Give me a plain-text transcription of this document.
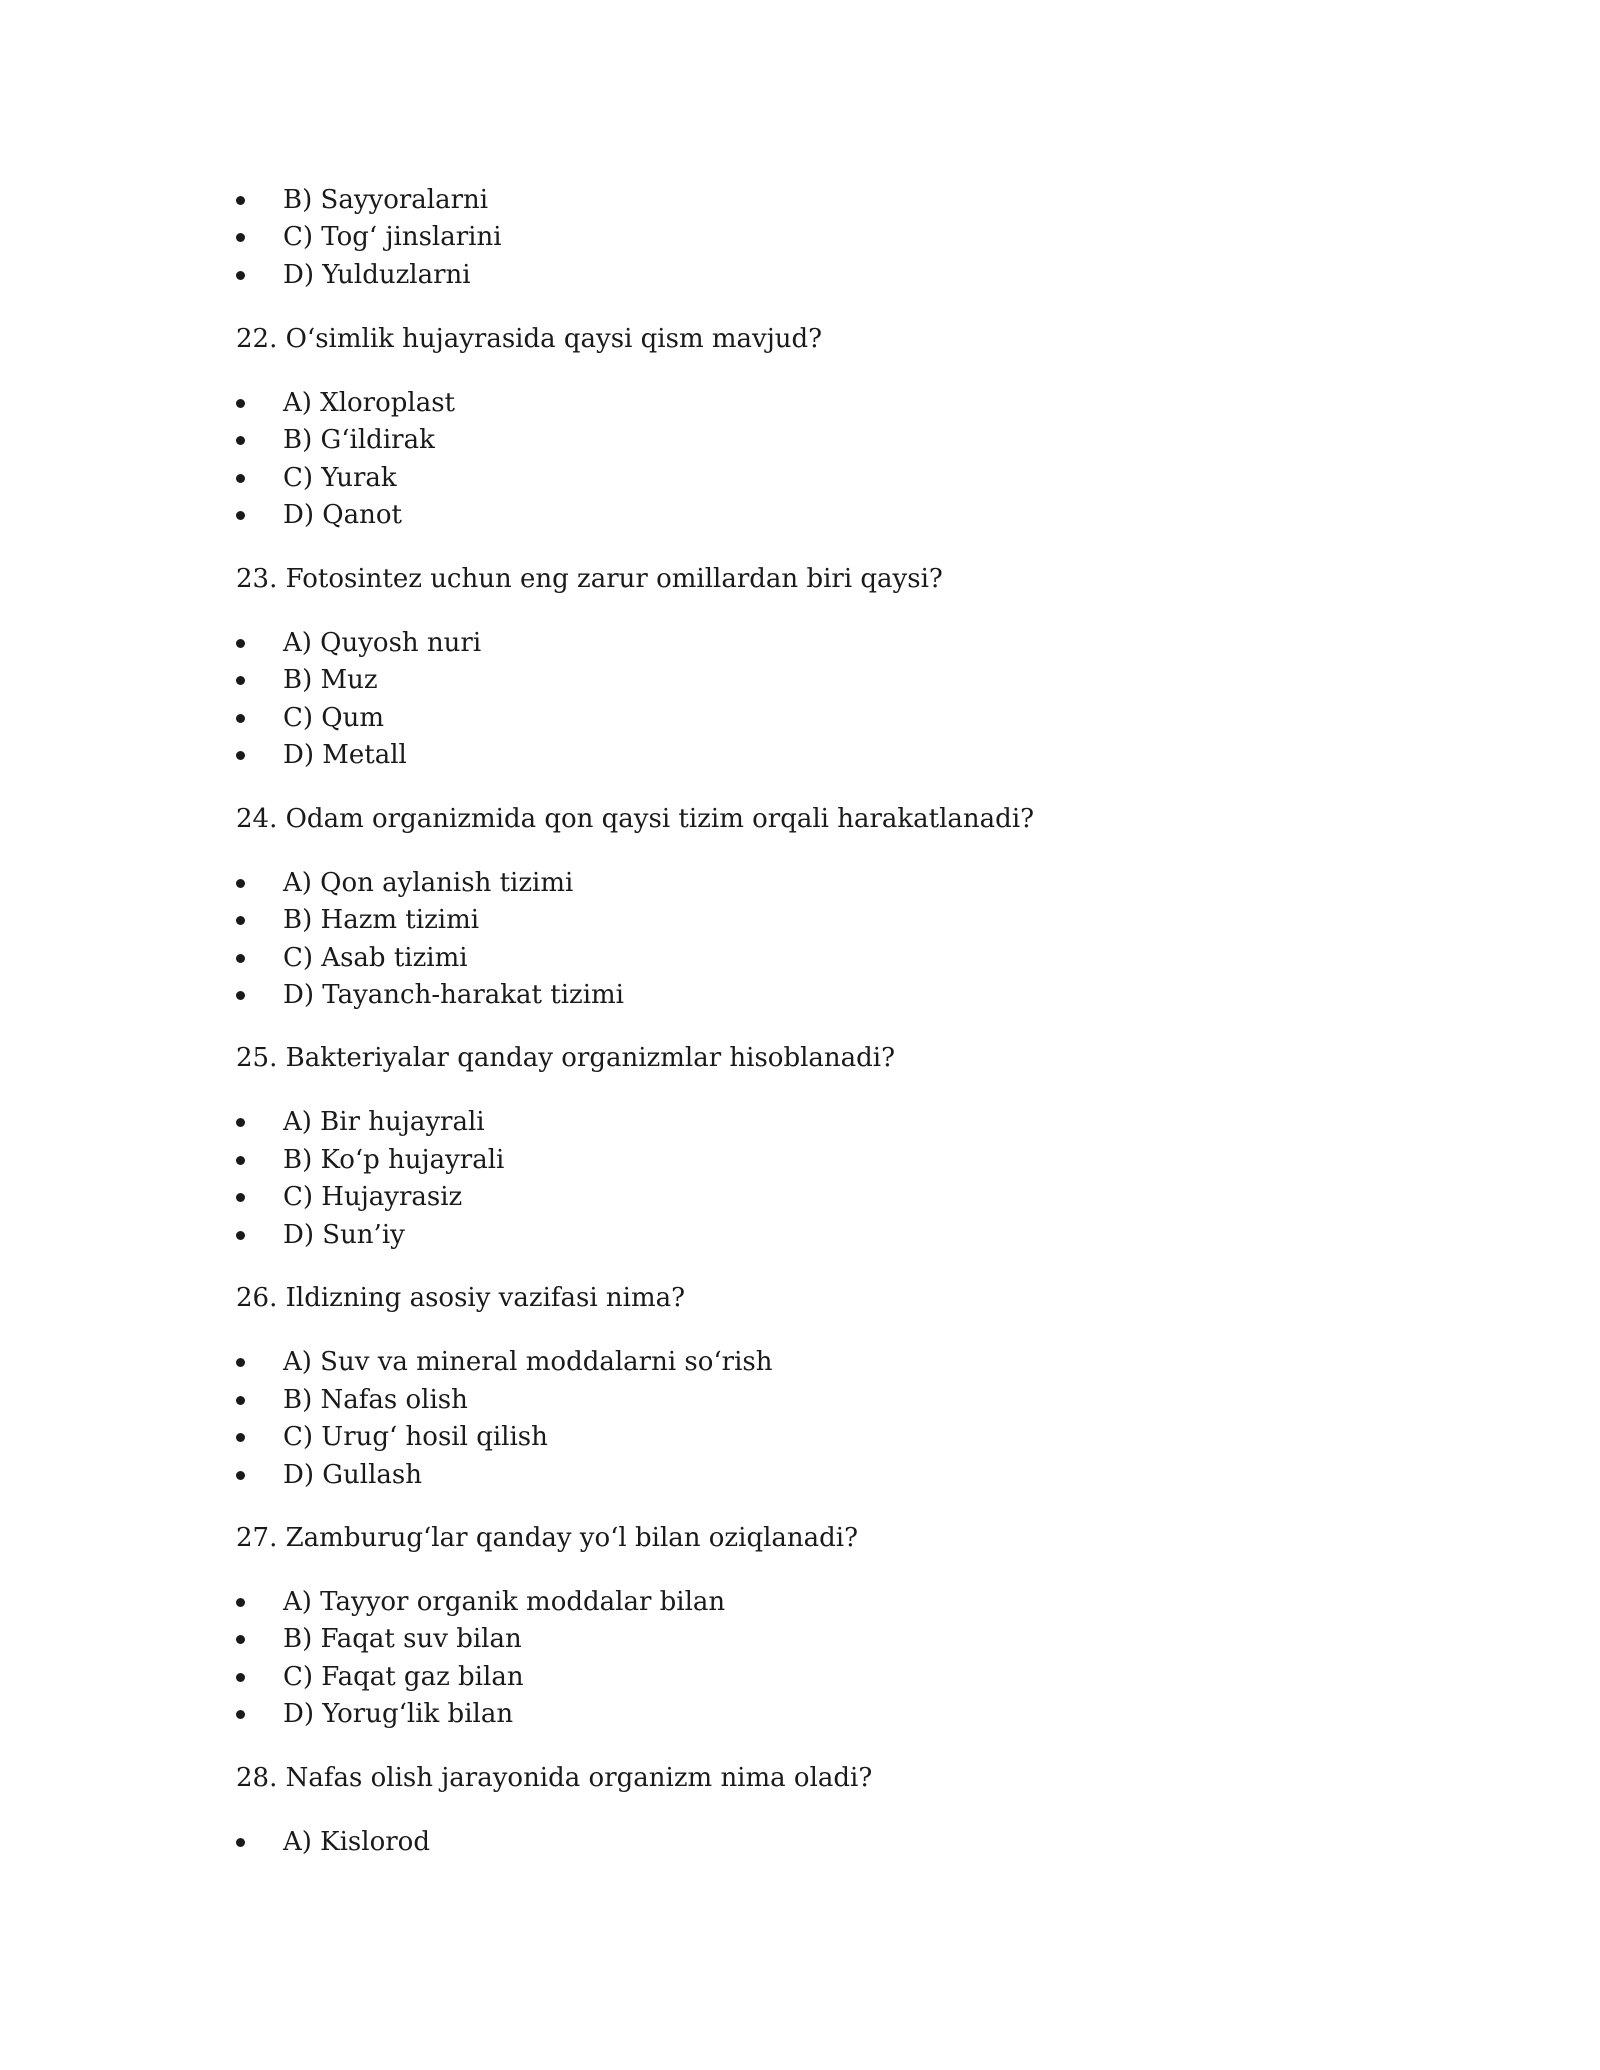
B) Sayyoralarni
C) Tog‘ jinslarini
D) Yulduzlarni
22. O‘simlik hujayrasida qaysi qism mavjud?
A) Xloroplast
B) G‘ildirak
C) Yurak
D) Qanot
23. Fotosintez uchun eng zarur omillardan biri qaysi?
A) Quyosh nuri
B) Muz
C) Qum
D) Metall
24. Odam organizmida qon qaysi tizim orqali harakatlanadi?
A) Qon aylanish tizimi
B) Hazm tizimi
C) Asab tizimi
D) Tayanch-harakat tizimi
25. Bakteriyalar qanday organizmlar hisoblanadi?
A) Bir hujayrali
B) Ko‘p hujayrali
C) Hujayrasiz
D) Sun’iy
26. Ildizning asosiy vazifasi nima?
A) Suv va mineral moddalarni so‘rish
B) Nafas olish
C) Urug‘ hosil qilish
D) Gullash
27. Zamburug‘lar qanday yo‘l bilan oziqlanadi?
A) Tayyor organik moddalar bilan
B) Faqat suv bilan
C) Faqat gaz bilan
D) Yorug‘lik bilan
28. Nafas olish jarayonida organizm nima oladi?
A) Kislorod
